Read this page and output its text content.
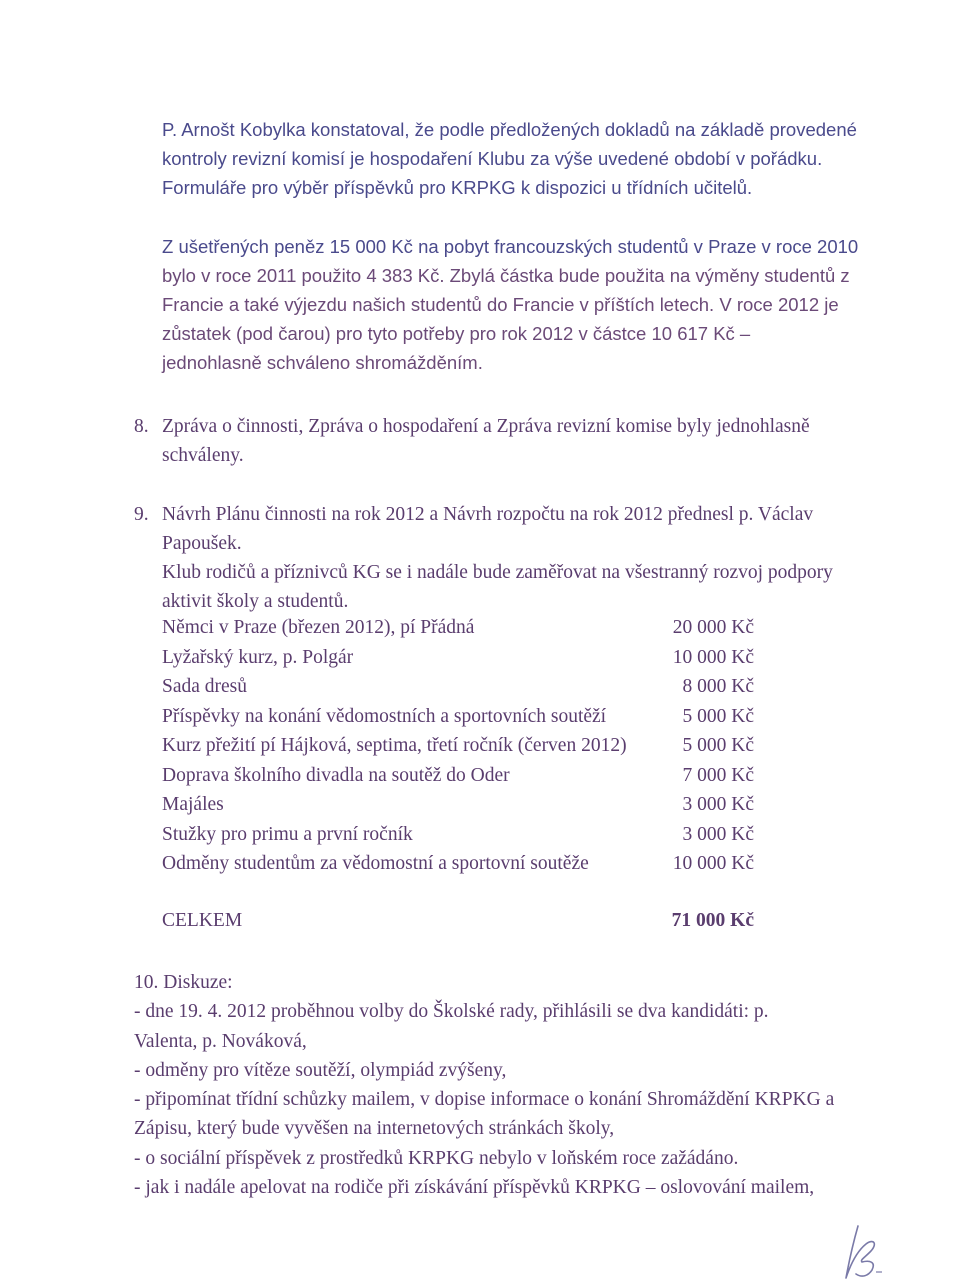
P. Arnošt Kobylka konstatoval, že podle předložených dokladů na základě provedené
kontroly revizní komisí je hospodaření Klubu za výše uvedené období v pořádku.
Formuláře pro výběr příspěvků pro KRPKG k dispozici u třídních učitelů.
Z ušetřených peněz 15 000 Kč na pobyt francouzských studentů v Praze v roce 2010
bylo v roce 2011 použito 4 383 Kč. Zbylá částka bude použita na výměny studentů z
Francie a také výjezdu našich studentů do Francie v příštích letech. V roce 2012 je
zůstatek (pod čarou) pro tyto potřeby pro rok 2012 v částce 10 617 Kč –
jednohlasně schváleno shromážděním.
8. Zpráva o činnosti, Zpráva o hospodaření a Zpráva revizní komise byly jednohlasně
schváleny.
9. Návrh Plánu činnosti na rok 2012 a Návrh rozpočtu na rok 2012 přednesl p. Václav
Papoušek.
Klub rodičů a příznivců KG se i nadále bude zaměřovat na všestranný rozvoj podpory
aktivit školy a studentů.
Němci v Praze (březen 2012), pí Přádná	20 000 Kč
Lyžařský kurz, p. Polgár	10 000 Kč
Sada dresů	8 000 Kč
Příspěvky na konání vědomostních a sportovních soutěží	5 000 Kč
Kurz přežití pí Hájková, septima, třetí ročník (červen 2012)	5 000 Kč
Doprava školního divadla na soutěž do Oder	7 000 Kč
Majáles	3 000 Kč
Stužky pro primu a první ročník	3 000 Kč
Odměny studentům za vědomostní a sportovní soutěže	10 000 Kč
CELKEM	71 000 Kč
10. Diskuze:
- dne 19. 4. 2012 proběhnou volby do Školské rady, přihlásili se dva kandidáti: p.
Valenta, p. Nováková,
- odměny pro vítěze soutěží, olympiád zvýšeny,
- připomínat třídní schůzky mailem, v dopise informace o konání Shromáždění KRPKG a
Zápisu, který bude vyvěšen na internetových stránkách školy,
- o sociální příspěvek z prostředků KRPKG nebylo v loňském roce zažádáno.
- jak i nadále apelovat na rodiče při získávání příspěvků KRPKG – oslovování mailem,
